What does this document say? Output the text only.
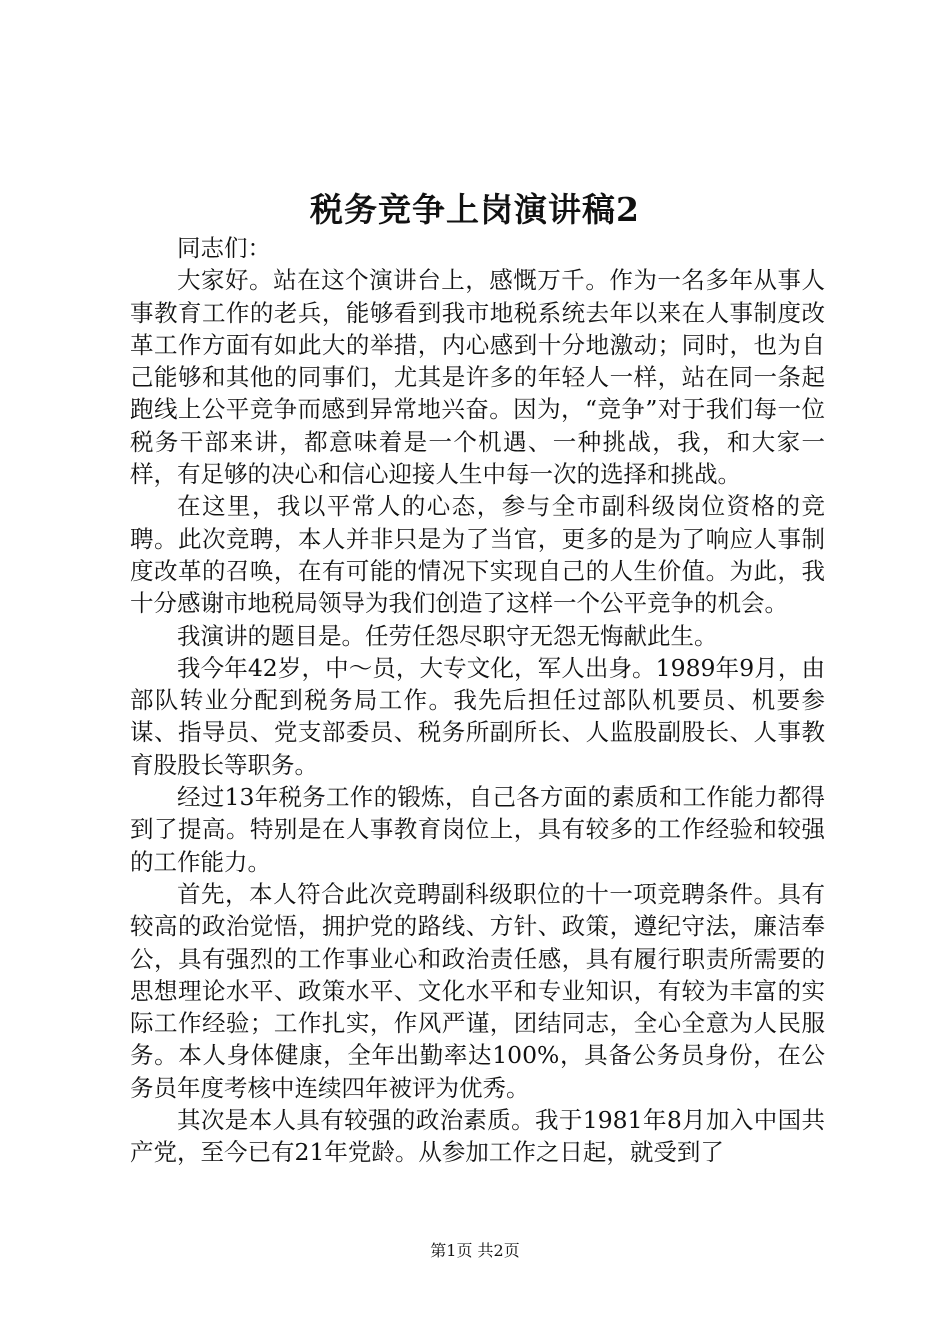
税务竞争上岗演讲稿2

同志们：

大家好。站在这个演讲台上，感慨万千。作为一名多年从事人事教育工作的老兵，能够看到我市地税系统去年以来在人事制度改革工作方面有如此大的举措，内心感到十分地激动；同时，也为自己能够和其他的同事们，尤其是许多的年轻人一样，站在同一条起跑线上公平竞争而感到异常地兴奋。因为，“竞争”对于我们每一位税务干部来讲，都意味着是一个机遇、一种挑战，我，和大家一样，有足够的决心和信心迎接人生中每一次的选择和挑战。

在这里，我以平常人的心态，参与全市副科级岗位资格的竞聘。此次竞聘，本人并非只是为了当官，更多的是为了响应人事制度改革的召唤，在有可能的情况下实现自己的人生价值。为此，我十分感谢市地税局领导为我们创造了这样一个公平竞争的机会。

我演讲的题目是。任劳任怨尽职守无怨无悔献此生。

我今年42岁，中～员，大专文化，军人出身。1989年9月，由部队转业分配到税务局工作。我先后担任过部队机要员、机要参谋、指导员、党支部委员、税务所副所长、人监股副股长、人事教育股股长等职务。

经过13年税务工作的锻炼，自己各方面的素质和工作能力都得到了提高。特别是在人事教育岗位上，具有较多的工作经验和较强的工作能力。

首先，本人符合此次竞聘副科级职位的十一项竞聘条件。具有较高的政治觉悟，拥护党的路线、方针、政策，遵纪守法，廉洁奉公，具有强烈的工作事业心和政治责任感，具有履行职责所需要的思想理论水平、政策水平、文化水平和专业知识，有较为丰富的实际工作经验；工作扎实，作风严谨，团结同志，全心全意为人民服务。本人身体健康，全年出勤率达100%，具备公务员身份，在公务员年度考核中连续四年被评为优秀。

其次是本人具有较强的政治素质。我于1981年8月加入中国共产党，至今已有21年党龄。从参加工作之日起，就受到了

第1页 共2页
